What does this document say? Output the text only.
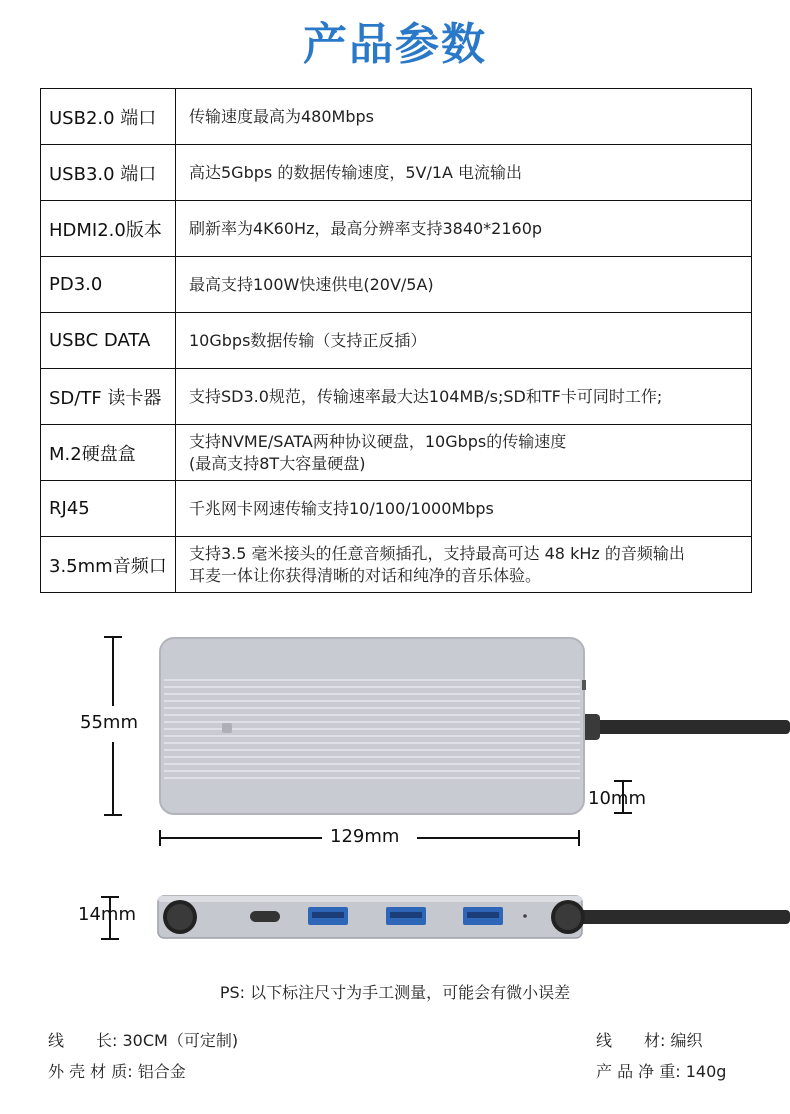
产品参数
USB2.0 端口	传输速度最高为480Mbps

USB3.0 端口	高达5Gbps 的数据传输速度，5V/1A 电流输出

HDMI2.0版本	刷新率为4K60Hz，最高分辨率支持3840*2160p

PD3.0	最高支持100W快速供电(20V/5A)

USBC DATA	10Gbps数据传输（支持正反插）

SD/TF 读卡器	支持SD3.0规范，传输速率最大达104MB/s;SD和TF卡可同时工作;

M.2硬盘盒	支持NVME/SATA两种协议硬盘，10Gbps的传输速度
(最高支持8T大容量硬盘)

RJ45	千兆网卡网速传输支持10/100/1000Mbps

3.5mm音频口	支持3.5 毫米接头的任意音频插孔，支持最高可达 48 kHz 的音频输出
耳麦一体让你获得清晰的对话和纯净的音乐体验。
55mm
129mm
10mm
14mm
PS: 以下标注尺寸为手工测量，可能会有微小误差
线　　长: 30CM（可定制)
外 壳 材 质: 铝合金
线　　材: 编织
产 品 净 重: 140g
